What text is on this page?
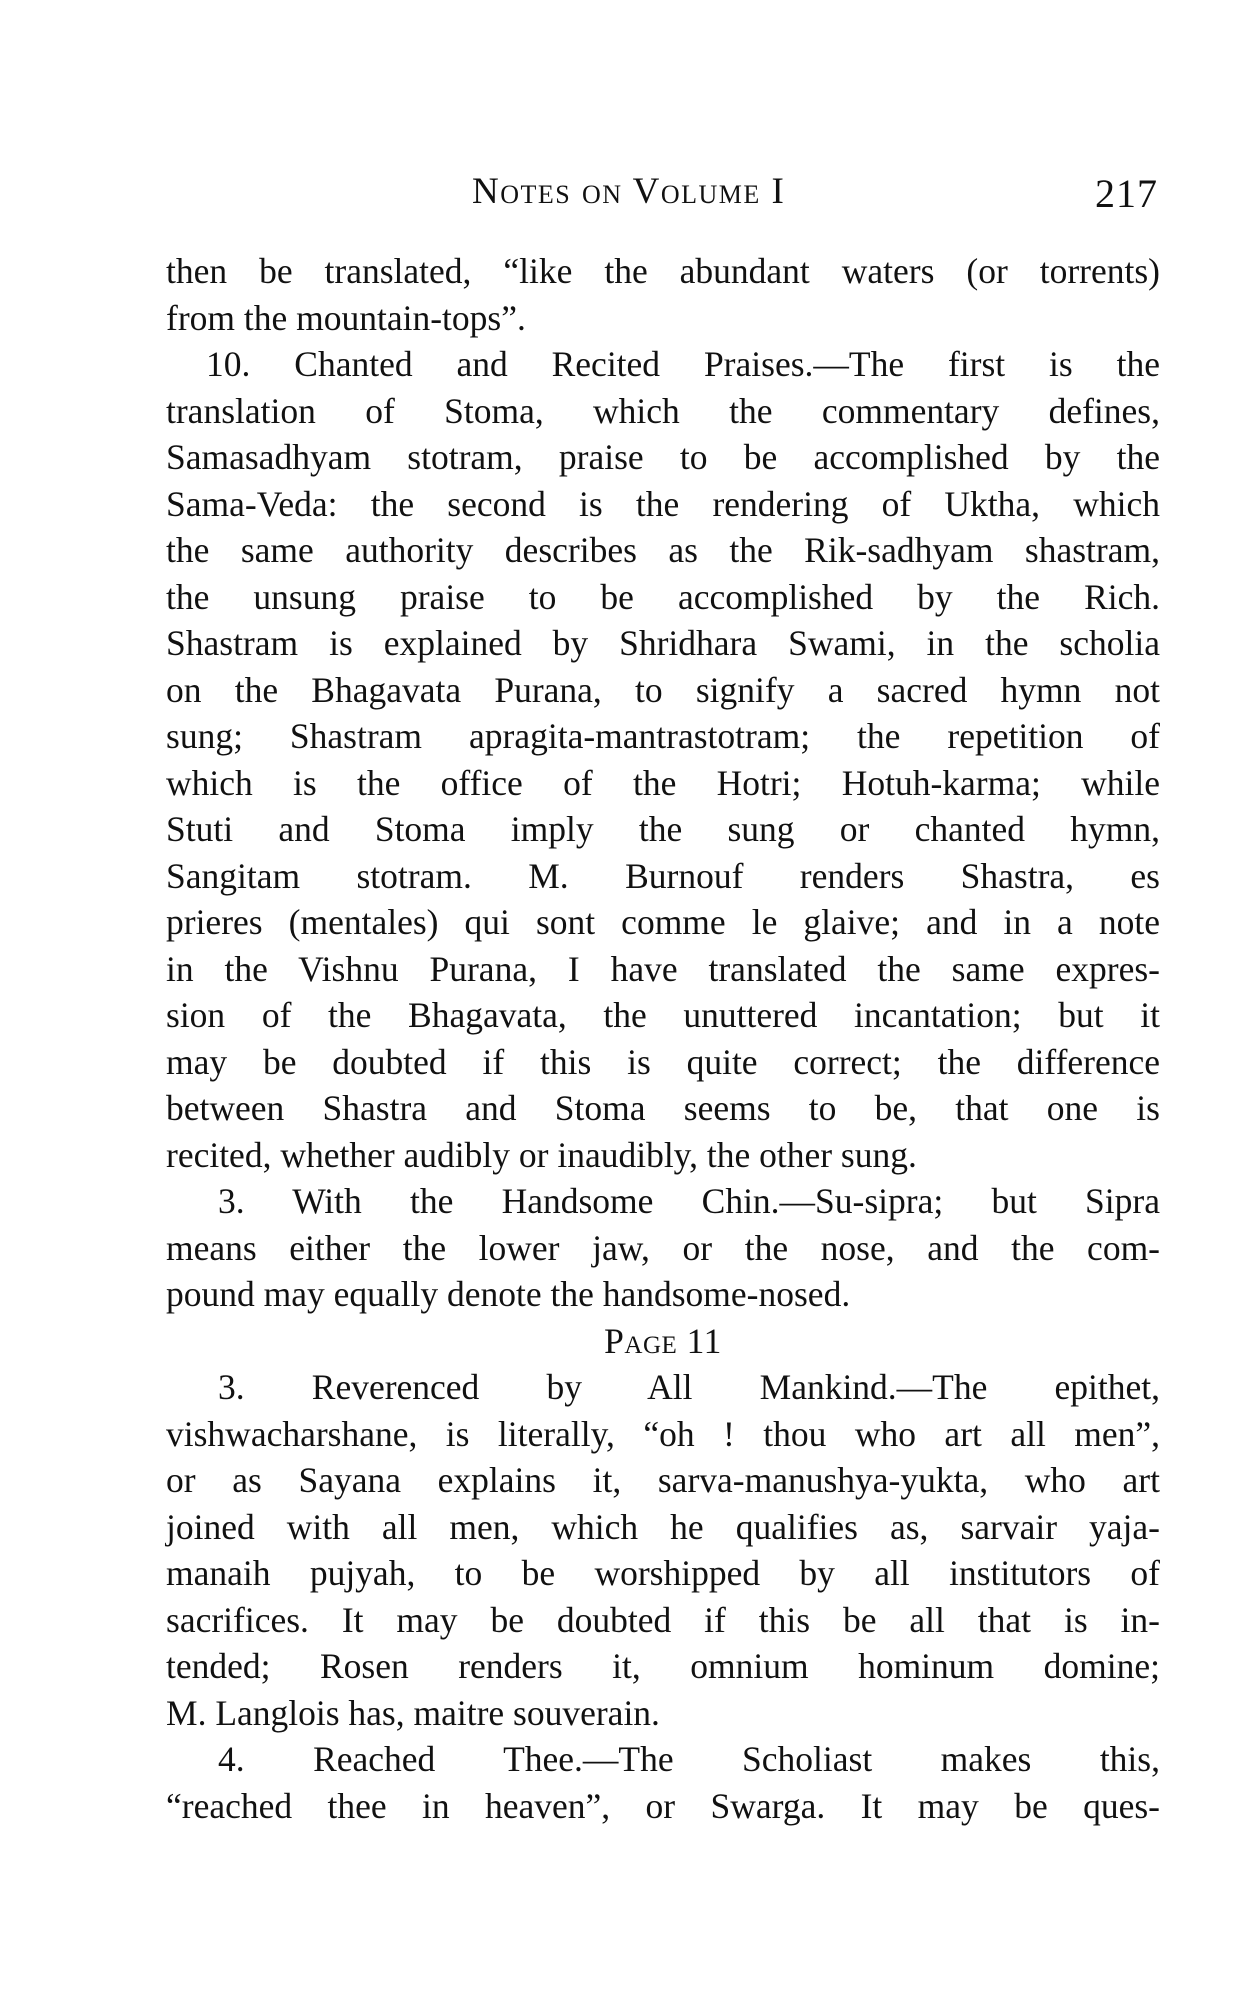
Notes on Volume I	217
then be translated, “like the abundant waters (or torrents)
from the mountain-tops”.
10. Chanted and Recited Praises.—The first is the
translation of Stoma, which the commentary defines,
Samasadhyam stotram, praise to be accomplished by the
Sama-Veda: the second is the rendering of Uktha, which
the same authority describes as the Rik-sadhyam shastram,
the unsung praise to be accomplished by the Rich.
Shastram is explained by Shridhara Swami, in the scholia
on the Bhagavata Purana, to signify a sacred hymn not
sung; Shastram apragita-mantrastotram; the repetition of
which is the office of the Hotri; Hotuh-karma; while
Stuti and Stoma imply the sung or chanted hymn,
Sangitam stotram. M. Burnouf renders Shastra, es
prieres (mentales) qui sont comme le glaive; and in a note
in the Vishnu Purana, I have translated the same expres-
sion of the Bhagavata, the unuttered incantation; but it
may be doubted if this is quite correct; the difference
between Shastra and Stoma seems to be, that one is
recited, whether audibly or inaudibly, the other sung.
3. With the Handsome Chin.—Su-sipra; but Sipra
means either the lower jaw, or the nose, and the com-
pound may equally denote the handsome-nosed.
Page 11
3. Reverenced by All Mankind.—The epithet,
vishwacharshane, is literally, “oh ! thou who art all men”,
or as Sayana explains it, sarva-manushya-yukta, who art
joined with all men, which he qualifies as, sarvair yaja-
manaih pujyah, to be worshipped by all institutors of
sacrifices. It may be doubted if this be all that is in-
tended; Rosen renders it, omnium hominum domine;
M. Langlois has, maitre souverain.
4. Reached Thee.—The Scholiast makes this,
“reached thee in heaven”, or Swarga. It may be ques-
